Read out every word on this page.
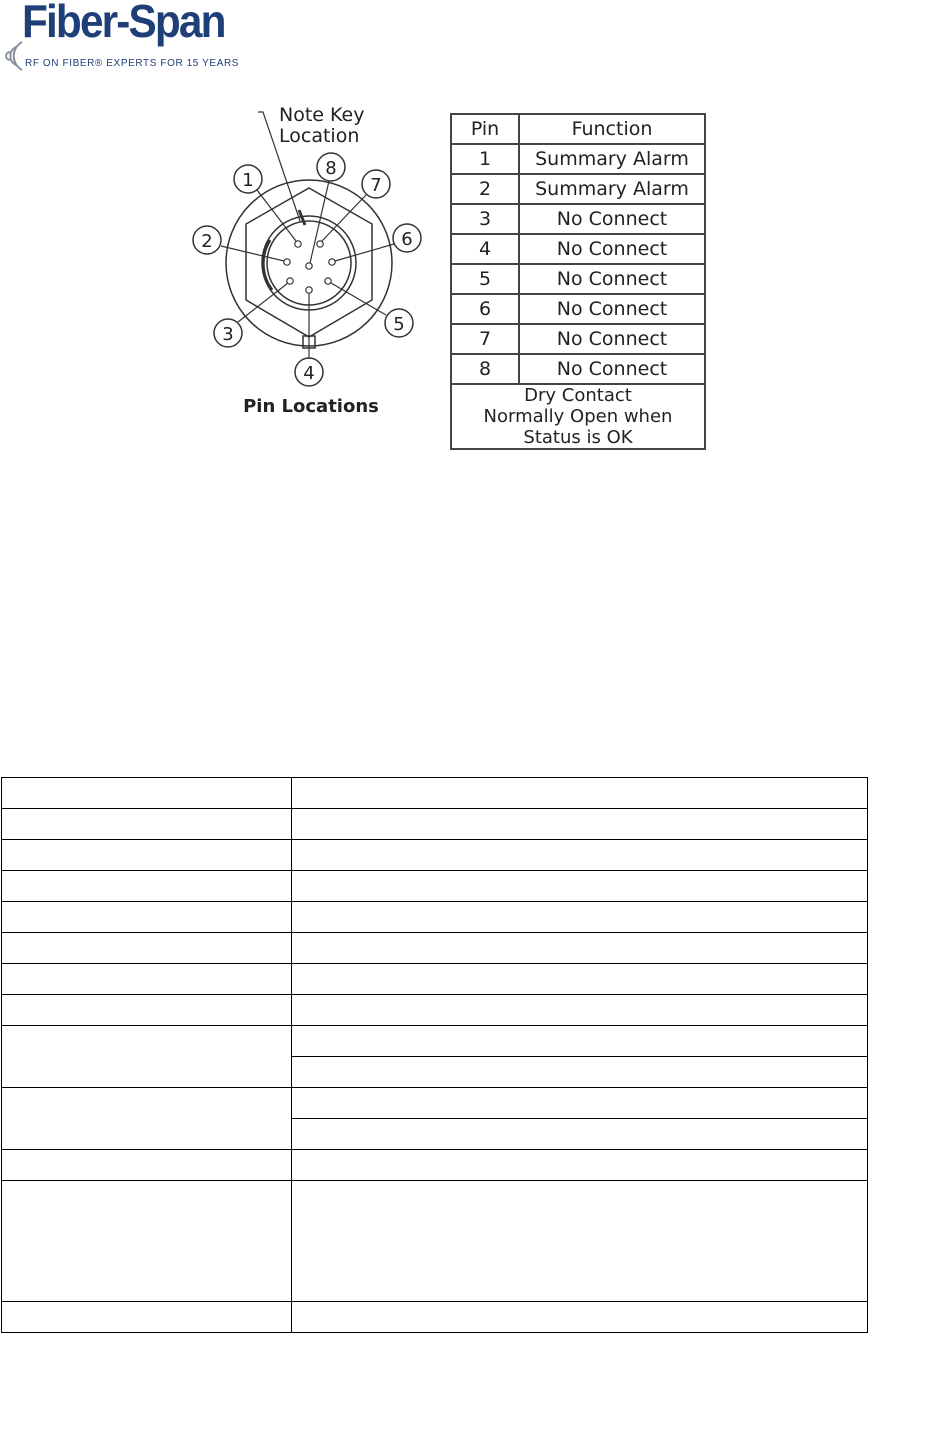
Fiber-Span
RF ON FIBER® EXPERTS FOR 15 YEARS
1
2
3
4
5
6
7
8
Note Key
Location
Pin Locations
Pin	Function
1	Summary Alarm
2	Summary Alarm
3	No Connect
4	No Connect
5	No Connect
6	No Connect
7	No Connect
8	No Connect

Dry Contact
Normally Open when
Status is OK	
